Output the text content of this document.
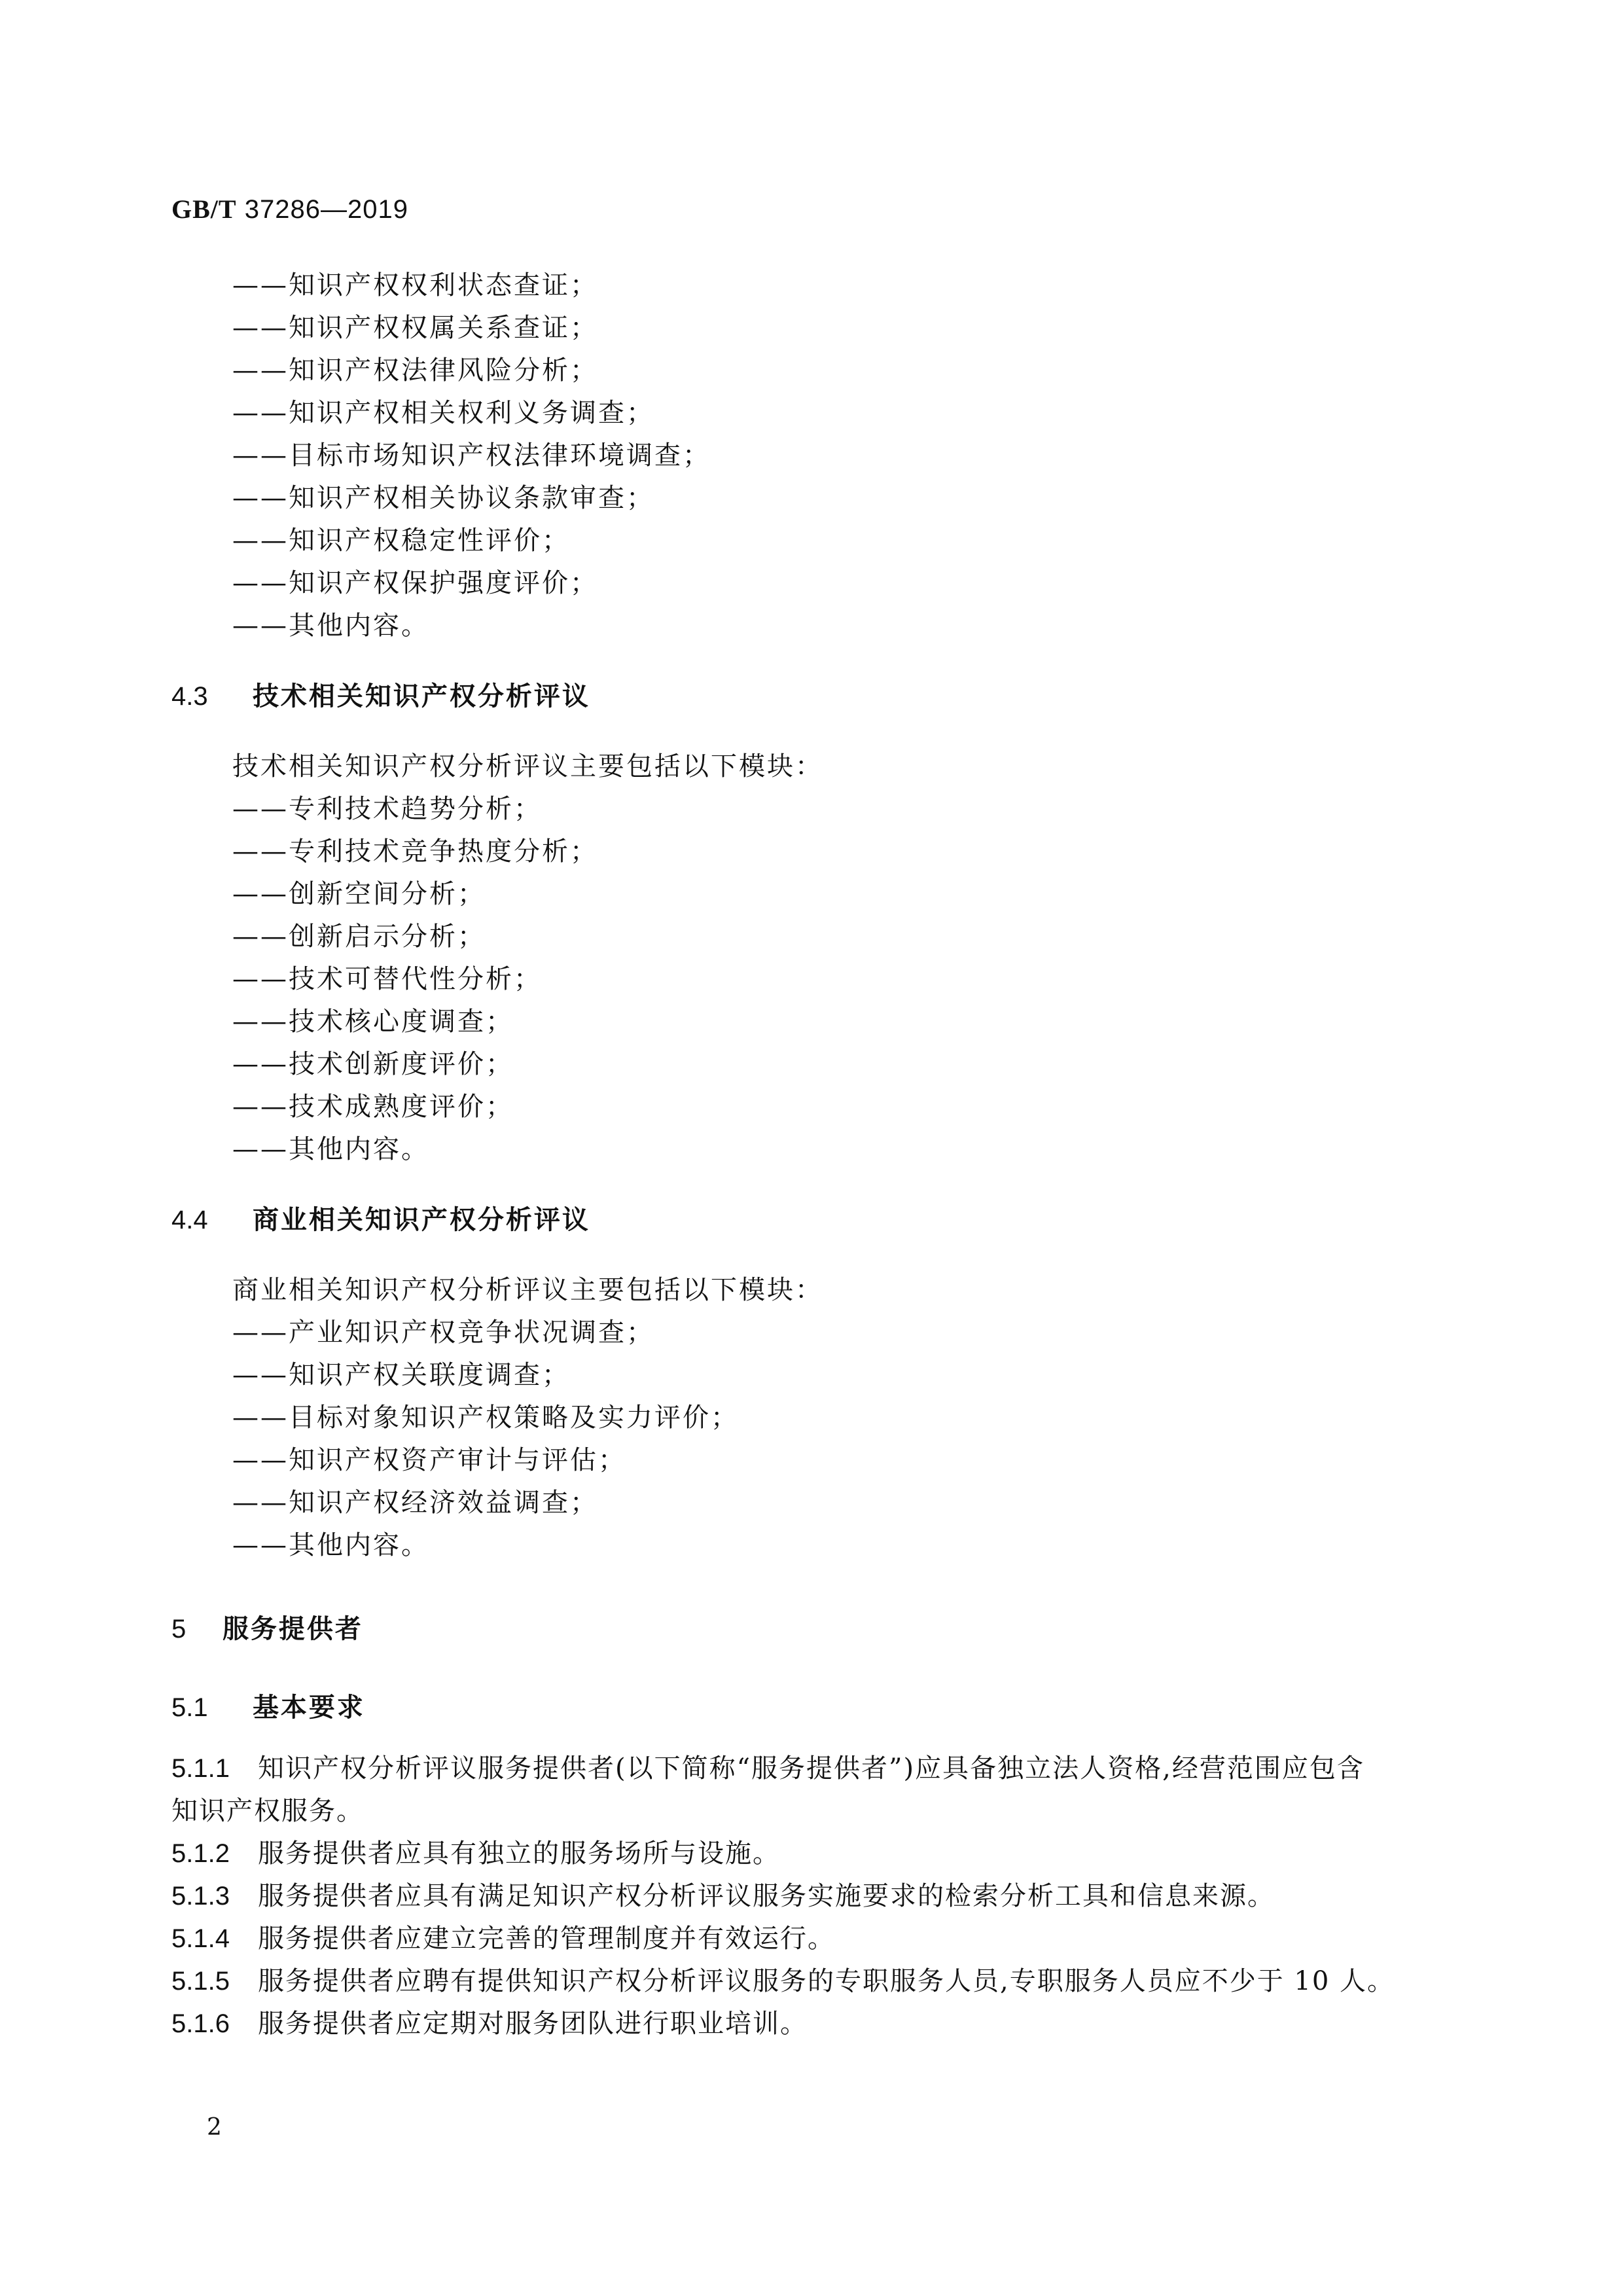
GB/T 37286—2019
——知识产权权利状态查证；
——知识产权权属关系查证；
——知识产权法律风险分析；
——知识产权相关权利义务调查；
——目标市场知识产权法律环境调查；
——知识产权相关协议条款审查；
——知识产权稳定性评价；
——知识产权保护强度评价；
——其他内容。
4.3 技术相关知识产权分析评议
技术相关知识产权分析评议主要包括以下模块：
——专利技术趋势分析；
——专利技术竞争热度分析；
——创新空间分析；
——创新启示分析；
——技术可替代性分析；
——技术核心度调查；
——技术创新度评价；
——技术成熟度评价；
——其他内容。
4.4 商业相关知识产权分析评议
商业相关知识产权分析评议主要包括以下模块：
——产业知识产权竞争状况调查；
——知识产权关联度调查；
——目标对象知识产权策略及实力评价；
——知识产权资产审计与评估；
——知识产权经济效益调查；
——其他内容。
5 服务提供者
5.1 基本要求
5.1.1 知识产权分析评议服务提供者(以下简称“服务提供者”)应具备独立法人资格,经营范围应包含
知识产权服务。
5.1.2 服务提供者应具有独立的服务场所与设施。
5.1.3 服务提供者应具有满足知识产权分析评议服务实施要求的检索分析工具和信息来源。
5.1.4 服务提供者应建立完善的管理制度并有效运行。
5.1.5 服务提供者应聘有提供知识产权分析评议服务的专职服务人员,专职服务人员应不少于 10 人。
5.1.6 服务提供者应定期对服务团队进行职业培训。
2
